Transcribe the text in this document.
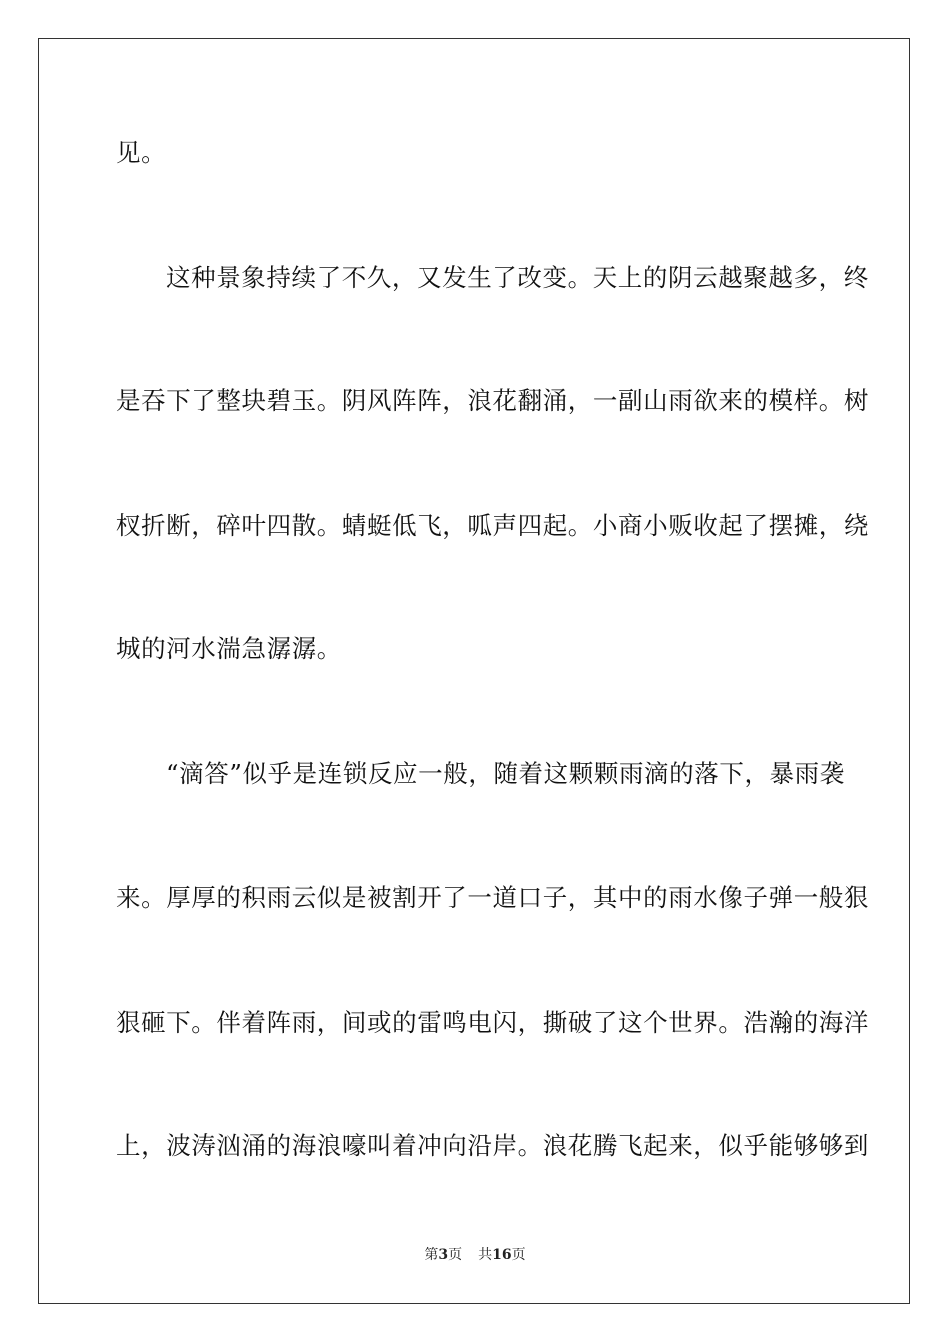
见。
这种景象持续了不久，又发生了改变。天上的阴云越聚越多，终
是吞下了整块碧玉。阴风阵阵，浪花翻涌，一副山雨欲来的模样。树
杈折断，碎叶四散。蜻蜓低飞，呱声四起。小商小贩收起了摆摊，绕
城的河水湍急潺潺。
“滴答”似乎是连锁反应一般，随着这颗颗雨滴的落下，暴雨袭
来。厚厚的积雨云似是被割开了一道口子，其中的雨水像子弹一般狠
狠砸下。伴着阵雨，间或的雷鸣电闪，撕破了这个世界。浩瀚的海洋
上，波涛汹涌的海浪嚎叫着冲向沿岸。浪花腾飞起来，似乎能够够到
第3页 共16页
